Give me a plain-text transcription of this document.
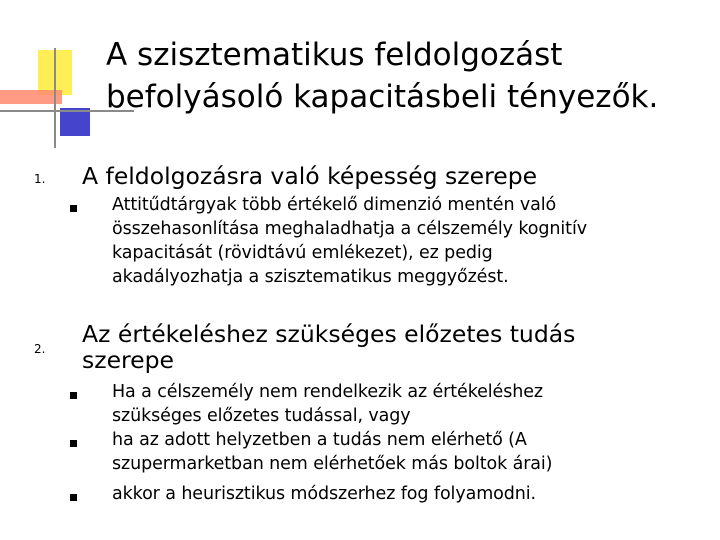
A szisztematikus feldolgozást
befolyásoló kapacitásbeli tényezők.
1. A feldolgozásra való képesség szerepe
Attitűdtárgyak több értékelő dimenzió mentén való
összehasonlítása meghaladhatja a célszemély kognitív
kapacitását (rövidtávú emlékezet), ez pedig
akadályozhatja a szisztematikus meggyőzést.
2.
Az értékeléshez szükséges előzetes tudás
szerepe
Ha a célszemély nem rendelkezik az értékeléshez
szükséges előzetes tudással, vagy
ha az adott helyzetben a tudás nem elérhető (A
szupermarketban nem elérhetőek más boltok árai)
akkor a heurisztikus módszerhez fog folyamodni.
